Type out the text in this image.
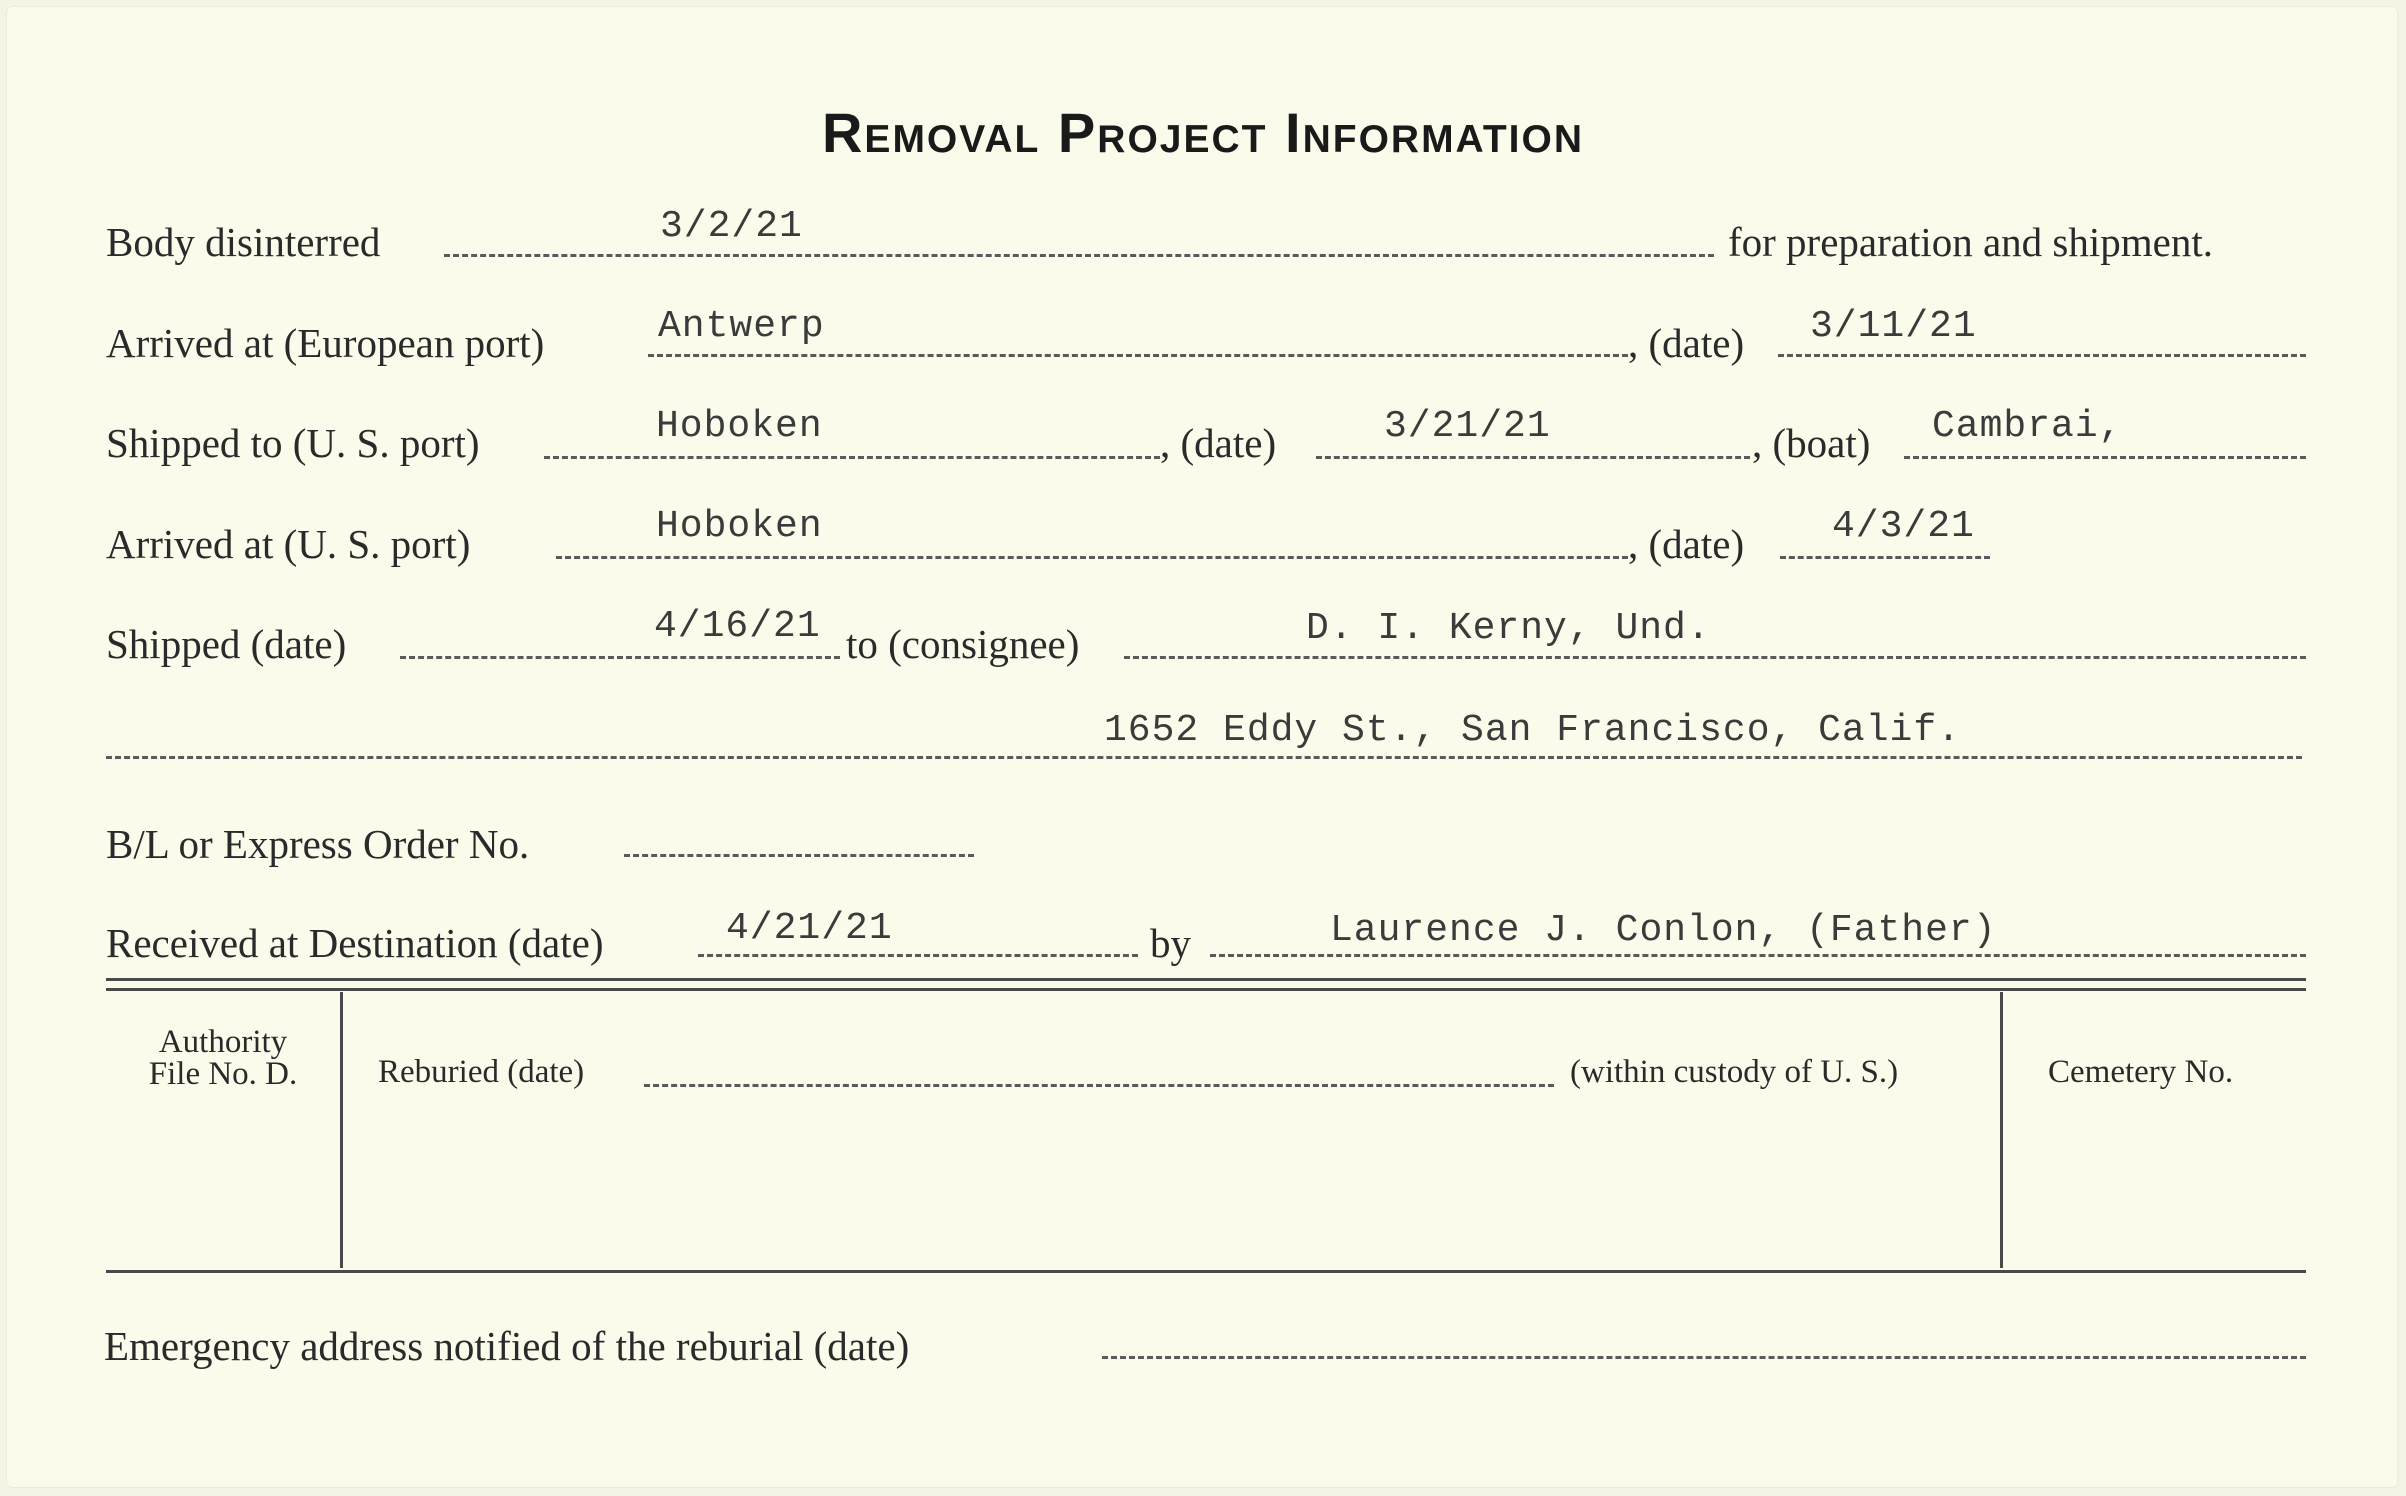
Removal Project Information
Body disinterred	3/2/21	for preparation and shipment.
Arrived at (European port)	Antwerp	, (date) 3/11/21
Shipped to (U. S. port)	Hoboken	, (date)	3/21/21	, (boat) Cambrai,
Arrived at (U. S. port)	Hoboken	, (date) 4/3/21
Shipped (date)	4/16/21 to (consignee)	D. I. Kerny, Und.
1652 Eddy St., San Francisco, Calif.
B/L or Express Order No.
Received at Destination (date)	4/21/21	by	Laurence J. Conlon, (Father)
Authority
File No. D.	Reburied (date)	(within custody of U. S.)	Cemetery No.
Emergency address notified of the reburial (date)
